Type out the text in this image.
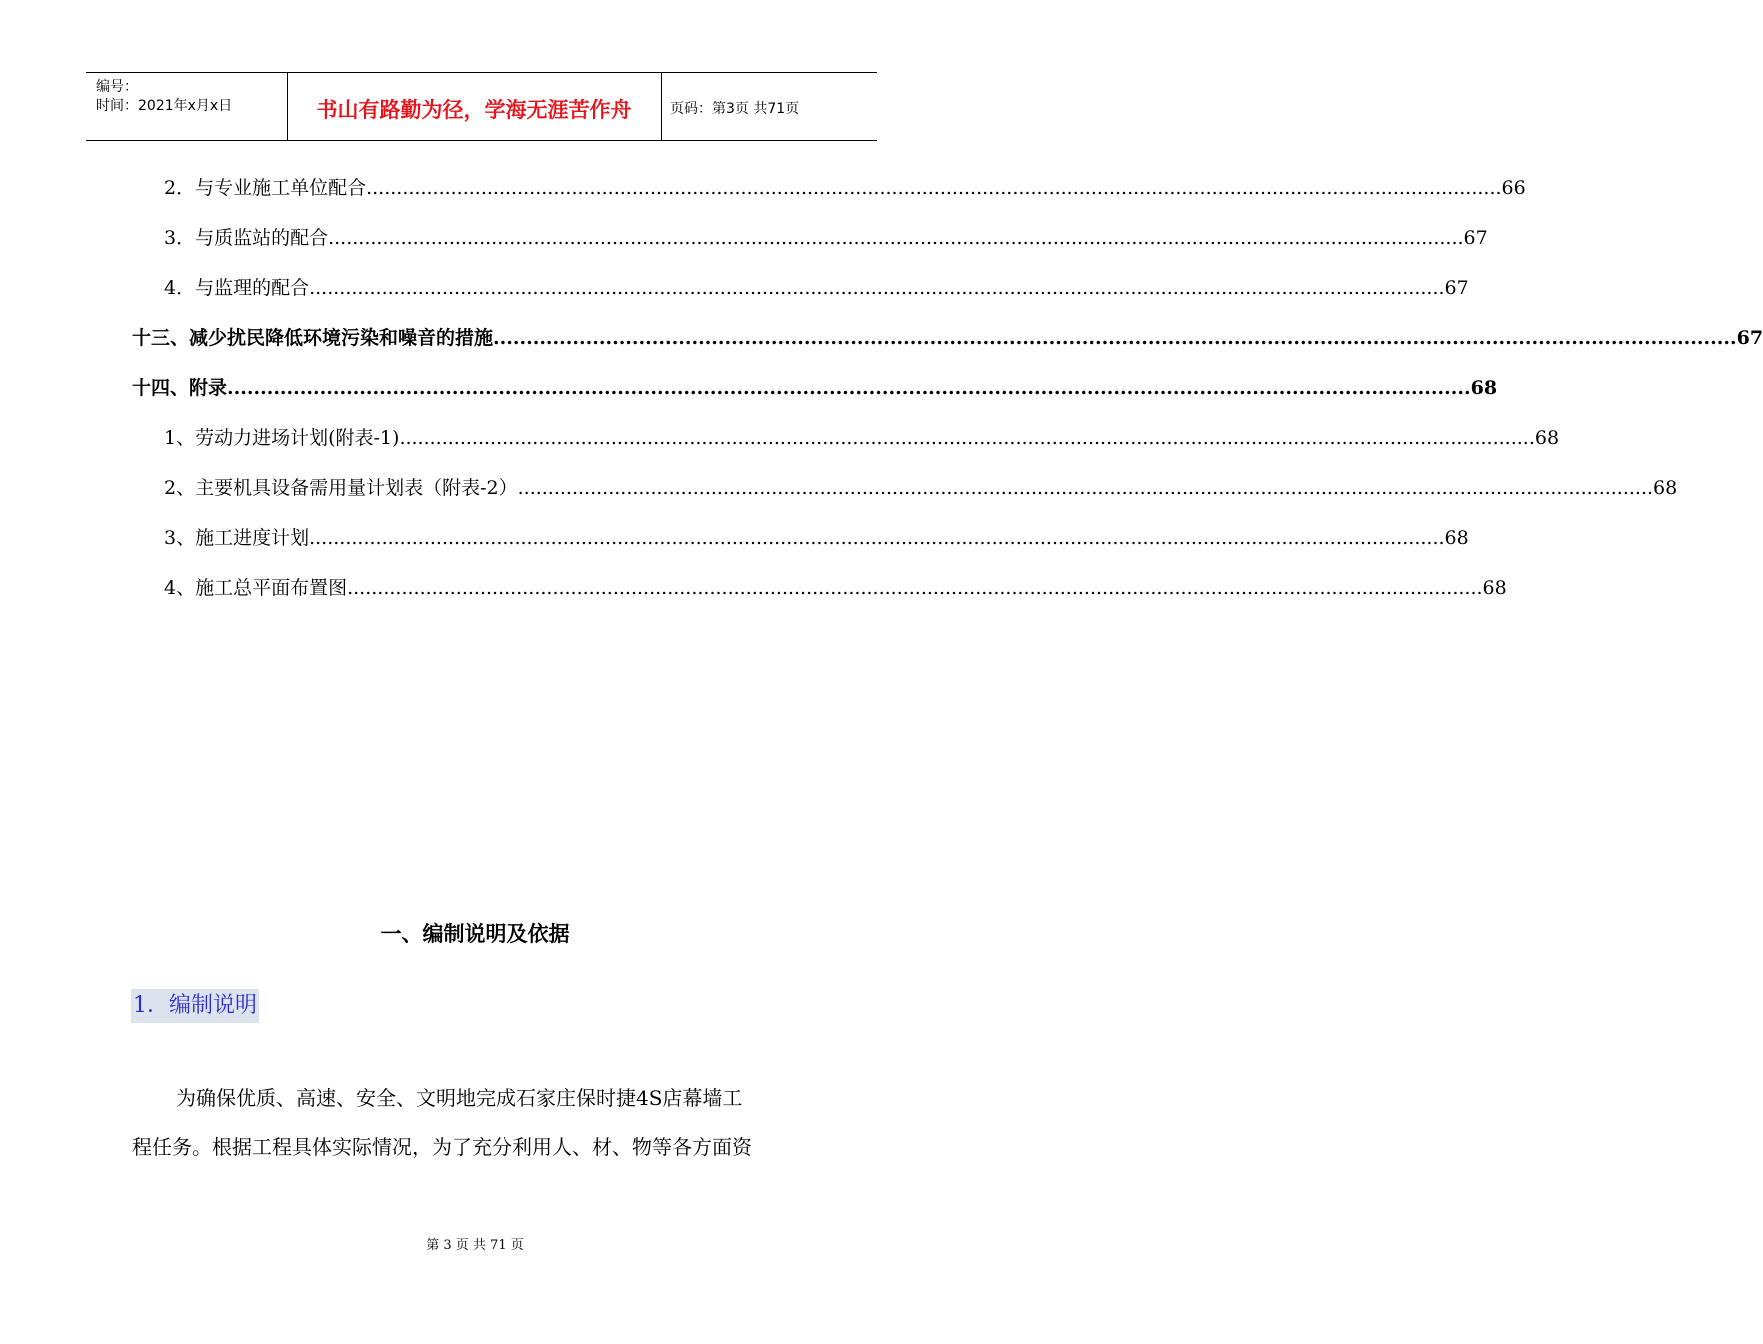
编号：
时间：2021年x月x日	书山有路勤为径，学海无涯苦作舟	页码：第3页 共71页
2．与专业施工单位配合 ............................................................................................................................................................................................ 66
3．与质监站的配合 ............................................................................................................................................................................................ 67
4．与监理的配合 ............................................................................................................................................................................................ 67
十三、减少扰民降低环境污染和噪音的措施 ............................................................................................................................................................................................ 67
十四、附录 ............................................................................................................................................................................................ 68
1、劳动力进场计划(附表-1) ............................................................................................................................................................................................ 68
2、主要机具设备需用量计划表（附表-2） ............................................................................................................................................................................................ 68
3、施工进度计划 ............................................................................................................................................................................................ 68
4、施工总平面布置图 ............................................................................................................................................................................................ 68
一、编制说明及依据
1．编制说明
为确保优质、高速、安全、文明地完成石家庄保时捷4S店幕墙工
程任务。根据工程具体实际情况，为了充分利用人、材、物等各方面资
第 3 页 共 71 页
